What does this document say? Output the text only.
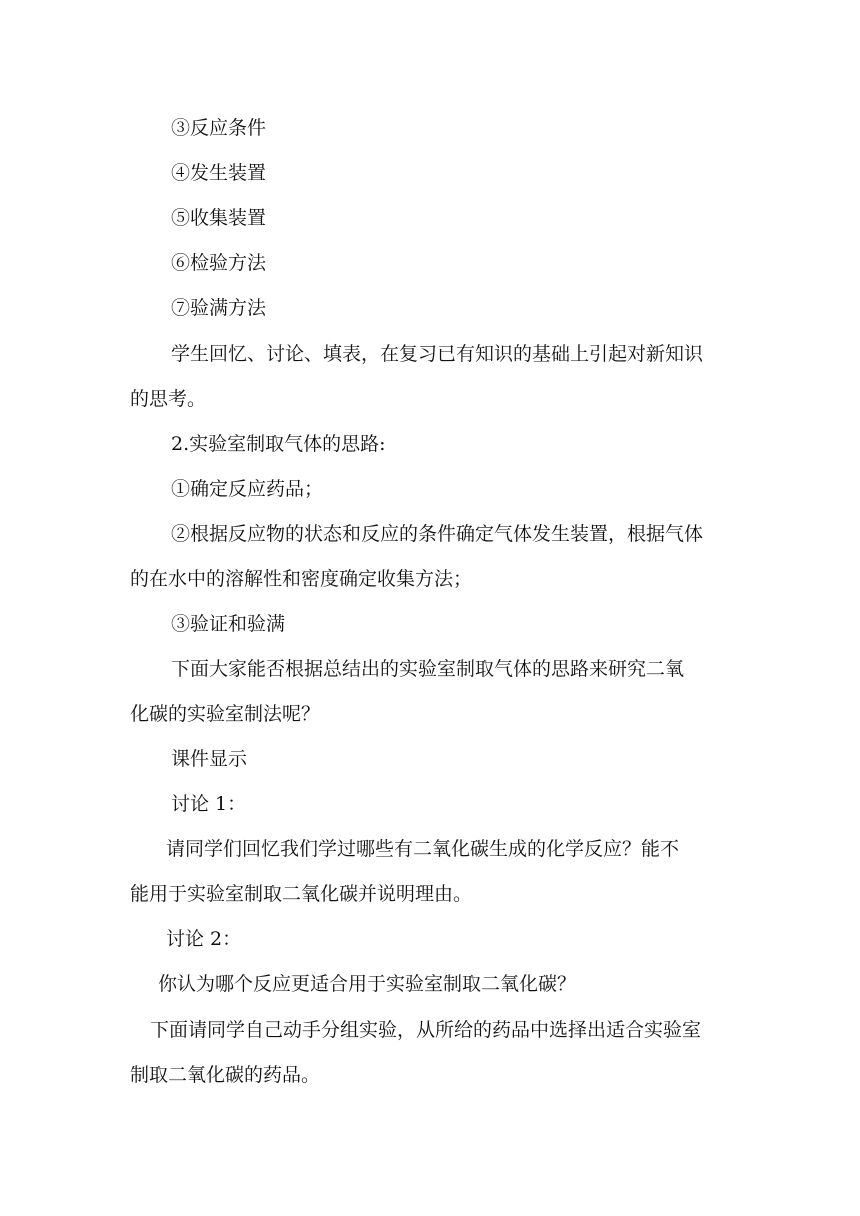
③反应条件
④发生装置
⑤收集装置
⑥检验方法
⑦验满方法
学生回忆、讨论、填表，在复习已有知识的基础上引起对新知识
的思考。
2.实验室制取气体的思路:
①确定反应药品；
②根据反应物的状态和反应的条件确定气体发生装置，根据气体
的在水中的溶解性和密度确定收集方法；
③验证和验满
下面大家能否根据总结出的实验室制取气体的思路来研究二氧
化碳的实验室制法呢？
课件显示
讨论 1：
请同学们回忆我们学过哪些有二氧化碳生成的化学反应？能不
能用于实验室制取二氧化碳并说明理由。
讨论 2：
你认为哪个反应更适合用于实验室制取二氧化碳？
下面请同学自己动手分组实验，从所给的药品中选择出适合实验室
制取二氧化碳的药品。
